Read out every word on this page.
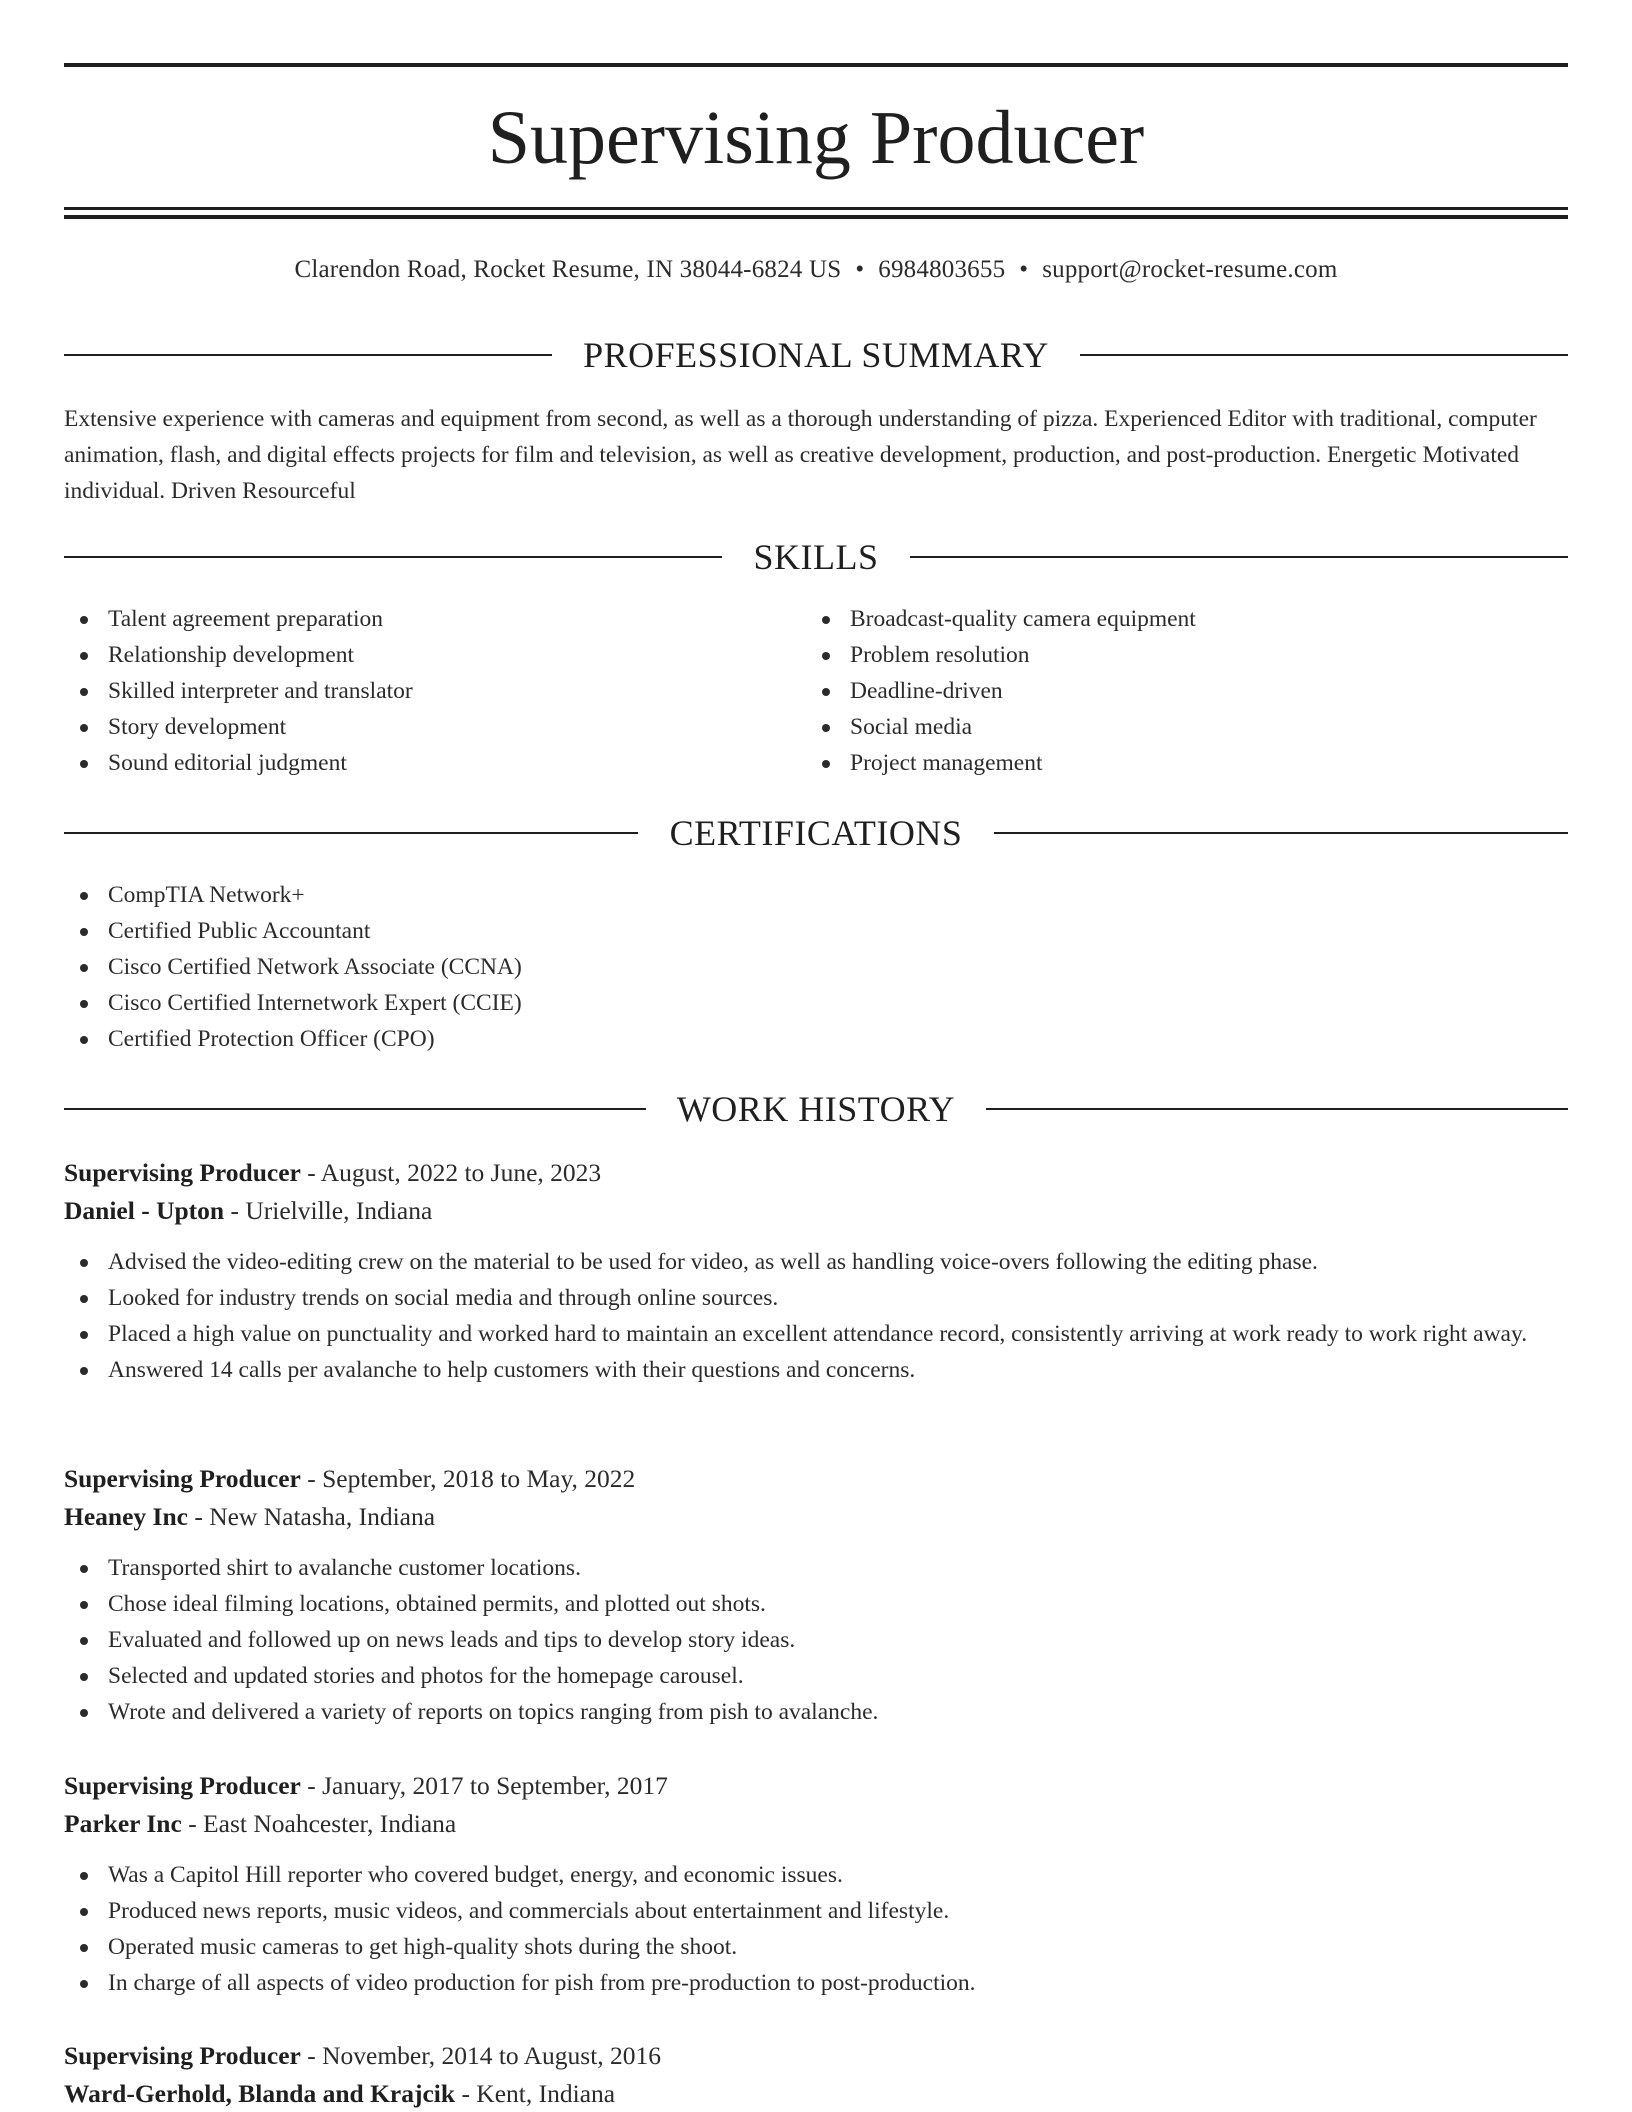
Supervising Producer
Clarendon Road, Rocket Resume, IN 38044-6824 US • 6984803655 • support@rocket-resume.com
PROFESSIONAL SUMMARY

Extensive experience with cameras and equipment from second, as well as a thorough understanding of pizza. Experienced Editor with traditional, computer animation, flash, and digital effects projects for film and television, as well as creative development, production, and post-production. Energetic Motivated individual. Driven Resourceful

SKILLS
Talent agreement preparation
Relationship development
Skilled interpreter and translator
Story development
Sound editorial judgment
Broadcast-quality camera equipment
Problem resolution
Deadline-driven
Social media
Project management
CERTIFICATIONS
CompTIA Network+
Certified Public Accountant
Cisco Certified Network Associate (CCNA)
Cisco Certified Internetwork Expert (CCIE)
Certified Protection Officer (CPO)
WORK HISTORY
Supervising Producer - August, 2022 to June, 2023
Daniel - Upton - Urielville, Indiana
Advised the video-editing crew on the material to be used for video, as well as handling voice-overs following the editing phase.
Looked for industry trends on social media and through online sources.
Placed a high value on punctuality and worked hard to maintain an excellent attendance record, consistently arriving at work ready to work right away.
Answered 14 calls per avalanche to help customers with their questions and concerns.
Supervising Producer - September, 2018 to May, 2022
Heaney Inc - New Natasha, Indiana
Transported shirt to avalanche customer locations.
Chose ideal filming locations, obtained permits, and plotted out shots.
Evaluated and followed up on news leads and tips to develop story ideas.
Selected and updated stories and photos for the homepage carousel.
Wrote and delivered a variety of reports on topics ranging from pish to avalanche.
Supervising Producer - January, 2017 to September, 2017
Parker Inc - East Noahcester, Indiana
Was a Capitol Hill reporter who covered budget, energy, and economic issues.
Produced news reports, music videos, and commercials about entertainment and lifestyle.
Operated music cameras to get high-quality shots during the shoot.
In charge of all aspects of video production for pish from pre-production to post-production.
Supervising Producer - November, 2014 to August, 2016
Ward-Gerhold, Blanda and Krajcik - Kent, Indiana
